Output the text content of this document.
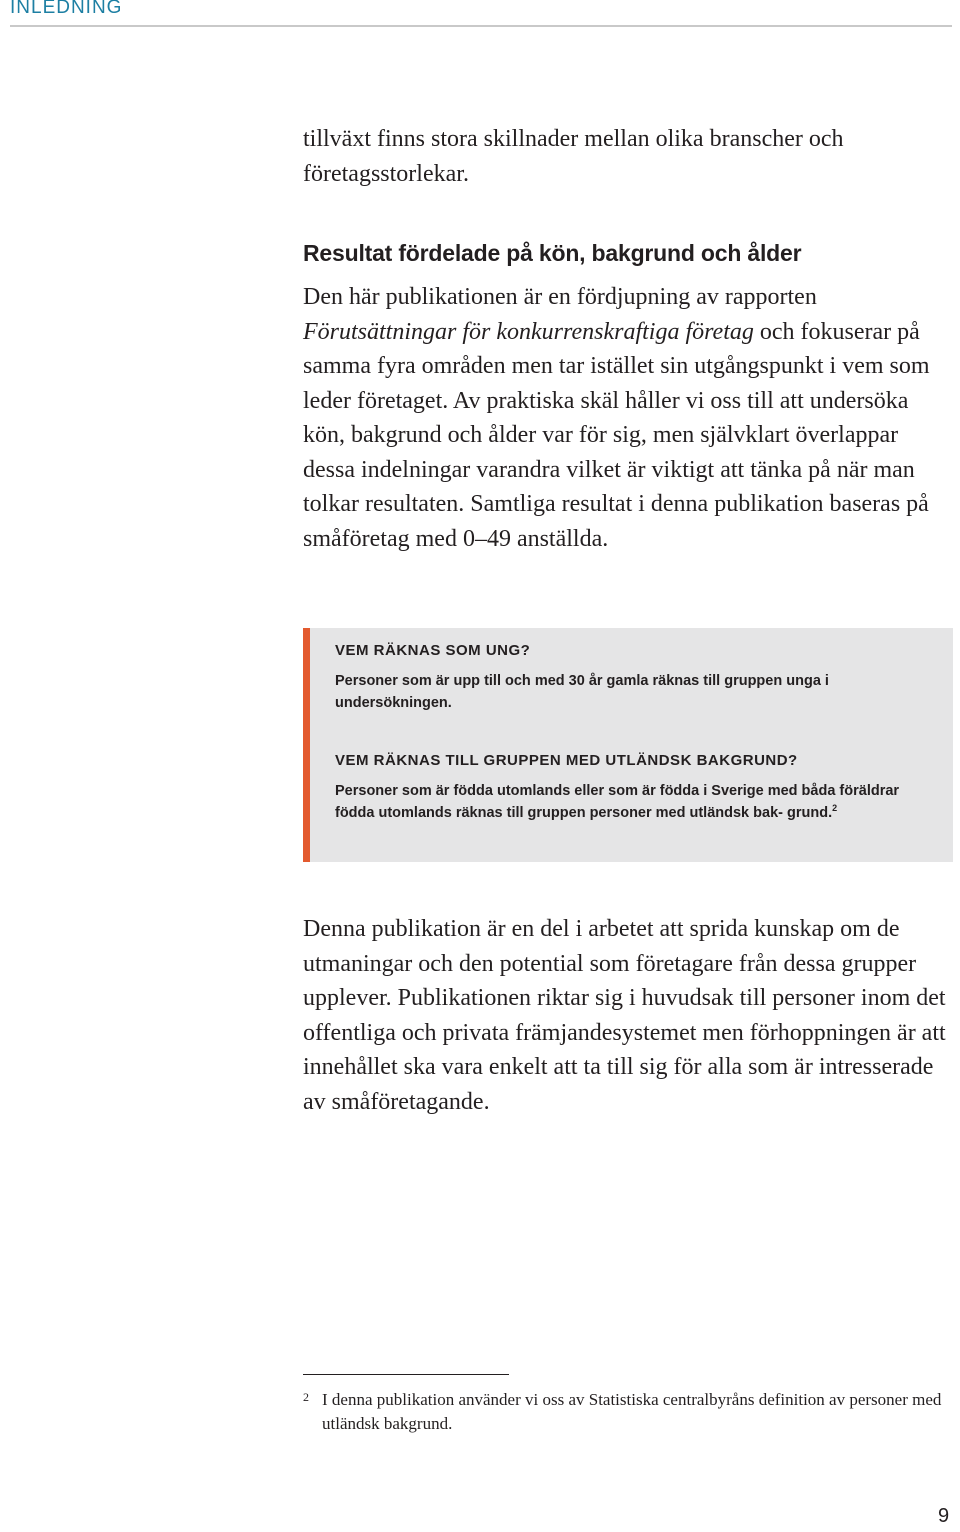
INLEDNING

tillväxt finns stora skillnader mellan olika branscher och företagsstorlekar.

Resultat fördelade på kön, bakgrund och ålder

Den här publikationen är en fördjupning av rapporten Förutsättningar för konkurrenskraftiga företag och fokuserar på samma fyra områden men tar istället sin utgångspunkt i vem som leder företaget. Av praktiska skäl håller vi oss till att undersöka kön, bakgrund och ålder var för sig, men självklart överlappar dessa indelningar varandra vilket är viktigt att tänka på när man tolkar resultaten. Samtliga resultat i denna publikation baseras på småföretag med 0–49 anställda.

VEM RÄKNAS SOM UNG?

Personer som är upp till och med 30 år gamla räknas till gruppen unga i undersökningen.

VEM RÄKNAS TILL GRUPPEN MED UTLÄNDSK BAKGRUND?

Personer som är födda utomlands eller som är födda i Sverige med båda föräldrar födda utomlands räknas till gruppen personer med utländsk bak- grund.$^2$

Denna publikation är en del i arbetet att sprida kunskap om de utmaningar och den potential som företagare från dessa grupper upplever. Publikationen riktar sig i huvudsak till personer inom det offentliga och privata främjandesystemet men förhoppningen är att innehållet ska vara enkelt att ta till sig för alla som är intresserade av småföretagande.

2 I denna publikation använder vi oss av Statistiska centralbyråns definition av personer med utländsk bakgrund.

9
